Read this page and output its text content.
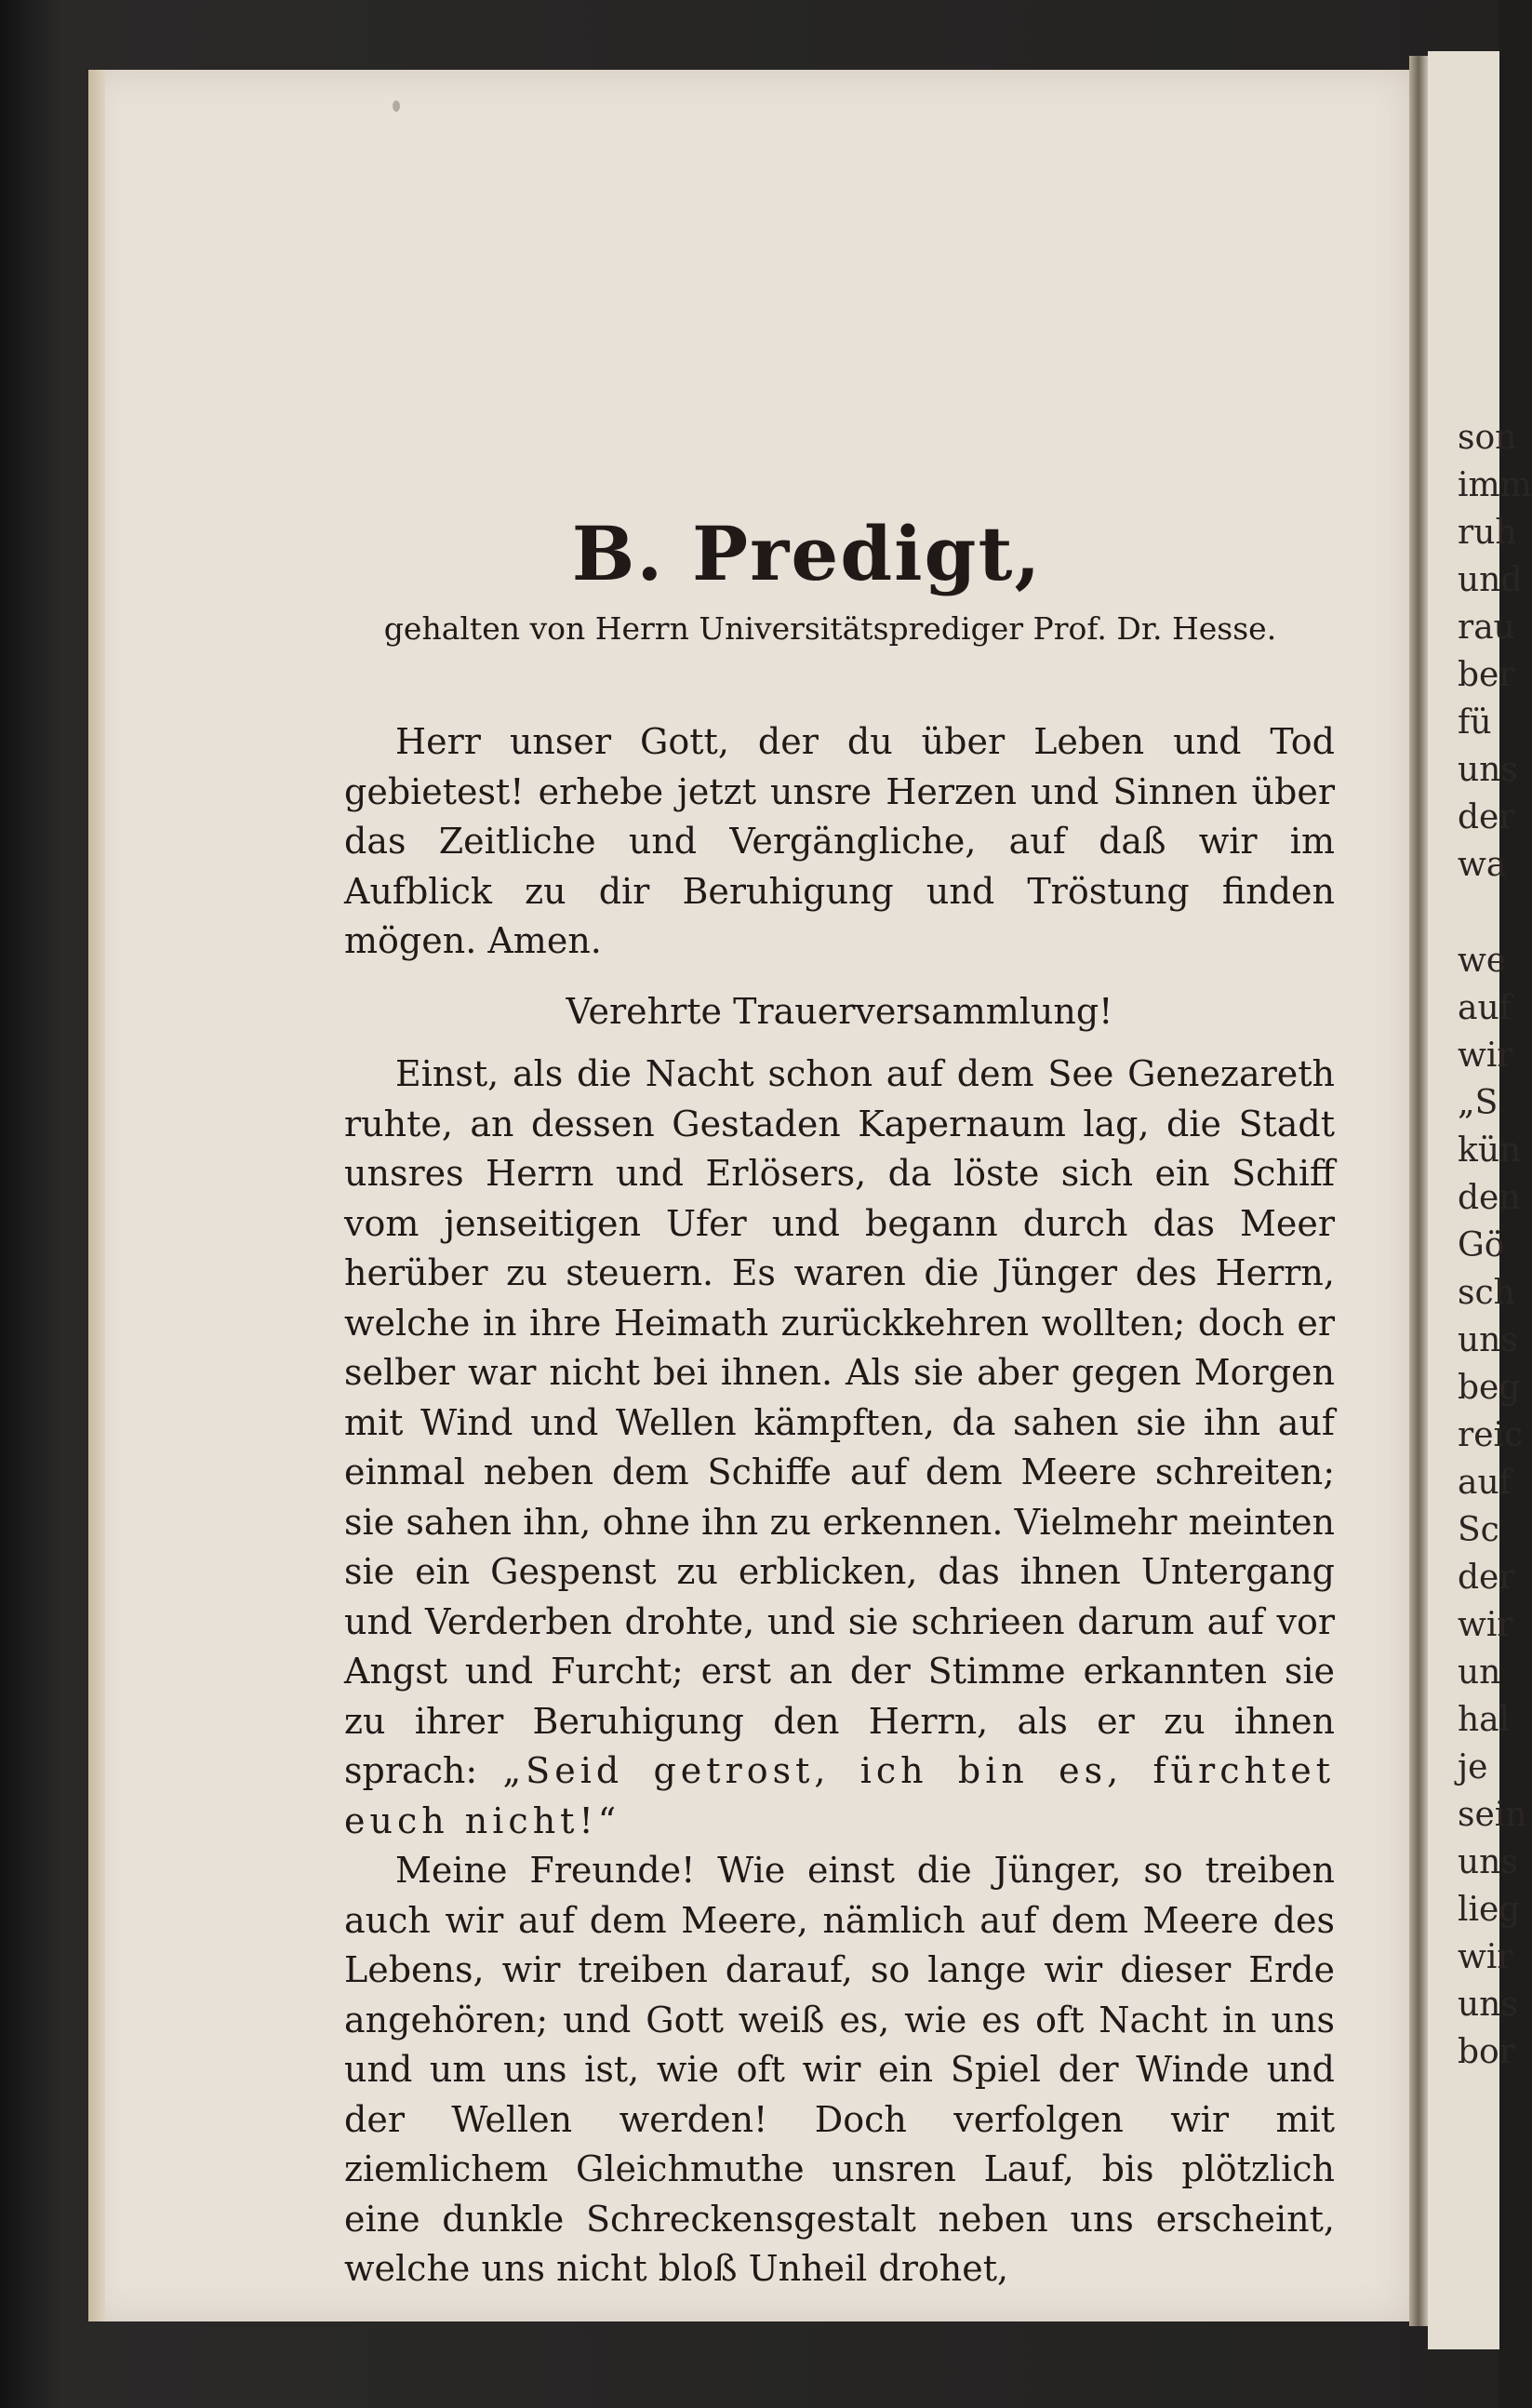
son
imm
ruh
und
rau
ber
fü
uns
der
wa
we
auf
wir
„S
kün
den
Gö
sch
uns
beg
reic
auf
Sc
der
wir
un
hal
je
sein
uns
lieg
wir
uns
bor
B. Predigt,
gehalten von Herrn Universitätsprediger Prof. Dr. Hesse.

Herr unser Gott, der du über Leben und Tod gebietest! erhebe jetzt unsre Herzen und Sinnen über das Zeitliche und Vergängliche, auf daß wir im Aufblick zu dir Beruhigung und Tröstung finden mögen. Amen.

Verehrte Trauerversammlung!

Einst, als die Nacht schon auf dem See Genezareth ruhte, an dessen Gestaden Kapernaum lag, die Stadt unsres Herrn und Erlösers, da löste sich ein Schiff vom jenseitigen Ufer und begann durch das Meer herüber zu steuern. Es waren die Jünger des Herrn, welche in ihre Heimath zurückkehren wollten; doch er selber war nicht bei ihnen. Als sie aber gegen Morgen mit Wind und Wellen kämpften, da sahen sie ihn auf einmal neben dem Schiffe auf dem Meere schreiten; sie sahen ihn, ohne ihn zu erkennen. Vielmehr meinten sie ein Gespenst zu erblicken, das ihnen Untergang und Verderben drohte, und sie schrieen darum auf vor Angst und Furcht; erst an der Stimme erkannten sie zu ihrer Beruhigung den Herrn, als er zu ihnen sprach: „Seid getrost, ich bin es, fürchtet euch nicht!“

Meine Freunde! Wie einst die Jünger, so treiben auch wir auf dem Meere, nämlich auf dem Meere des Lebens, wir treiben darauf, so lange wir dieser Erde angehören; und Gott weiß es, wie es oft Nacht in uns und um uns ist, wie oft wir ein Spiel der Winde und der Wellen werden! Doch verfolgen wir mit ziemlichem Gleichmuthe unsren Lauf, bis plötzlich eine dunkle Schreckensgestalt neben uns erscheint, welche uns nicht bloß Unheil drohet,
